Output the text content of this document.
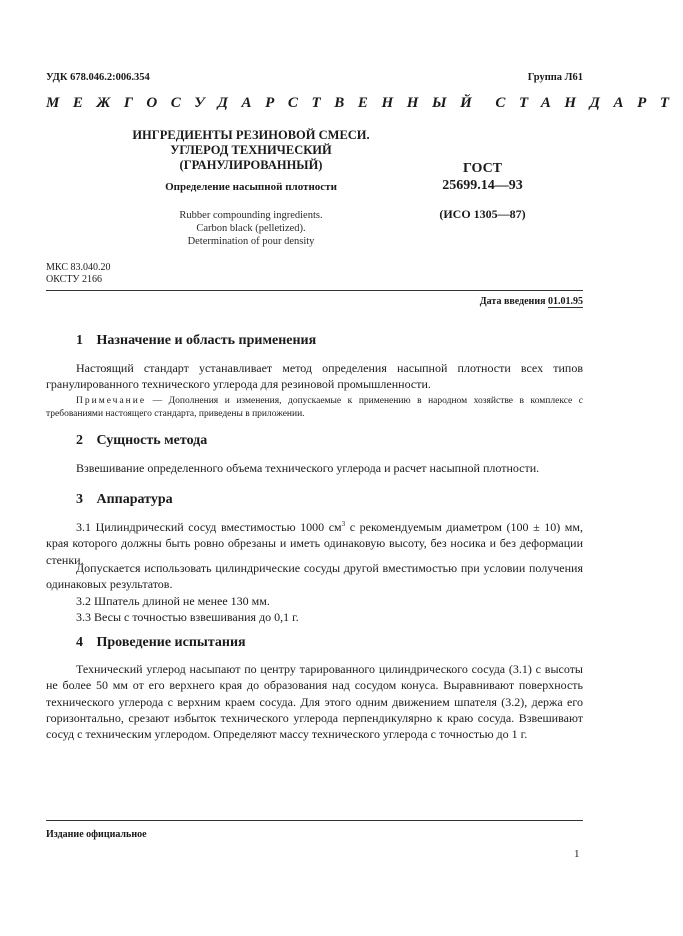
УДК 678.046.2:006.354	Группа Л61
МЕЖГОСУДАРСТВЕННЫЙ СТАНДАРТ
ИНГРЕДИЕНТЫ РЕЗИНОВОЙ СМЕСИ.
УГЛЕРОД ТЕХНИЧЕСКИЙ
(ГРАНУЛИРОВАННЫЙ)
Определение насыпной плотности
Rubber compounding ingredients.
Carbon black (pelletized).
Determination of pour density
ГОСТ
25699.14—93
(ИСО 1305—87)
МКС 83.040.20
ОКСТУ 2166
Дата введения 01.01.95
1 Назначение и область применения
Настоящий стандарт устанавливает метод определения насыпной плотности всех типов гранулированного технического углерода для резиновой промышленности.
Примечание — Дополнения и изменения, допускаемые к применению в народном хозяйстве в комплексе с требованиями настоящего стандарта, приведены в приложении.
2 Сущность метода
Взвешивание определенного объема технического углерода и расчет насыпной плотности.
3 Аппаратура
3.1 Цилиндрический сосуд вместимостью 1000 $см^3$ с рекомендуемым диаметром (100 ± 10) мм, края которого должны быть ровно обрезаны и иметь одинаковую высоту, без носика и без деформации стенки.
Допускается использовать цилиндрические сосуды другой вместимостью при условии получения одинаковых результатов.
3.2 Шпатель длиной не менее 130 мм.
3.3 Весы с точностью взвешивания до 0,1 г.
4 Проведение испытания
Технический углерод насыпают по центру тарированного цилиндрического сосуда (3.1) с высоты не более 50 мм от его верхнего края до образования над сосудом конуса. Выравнивают поверхность технического углерода с верхним краем сосуда. Для этого одним движением шпателя (3.2), держа его горизонтально, срезают избыток технического углерода перпендикулярно к краю сосуда. Взвешивают сосуд с техническим углеродом. Определяют массу технического углерода с точностью до 1 г.
Издание официальное
1
